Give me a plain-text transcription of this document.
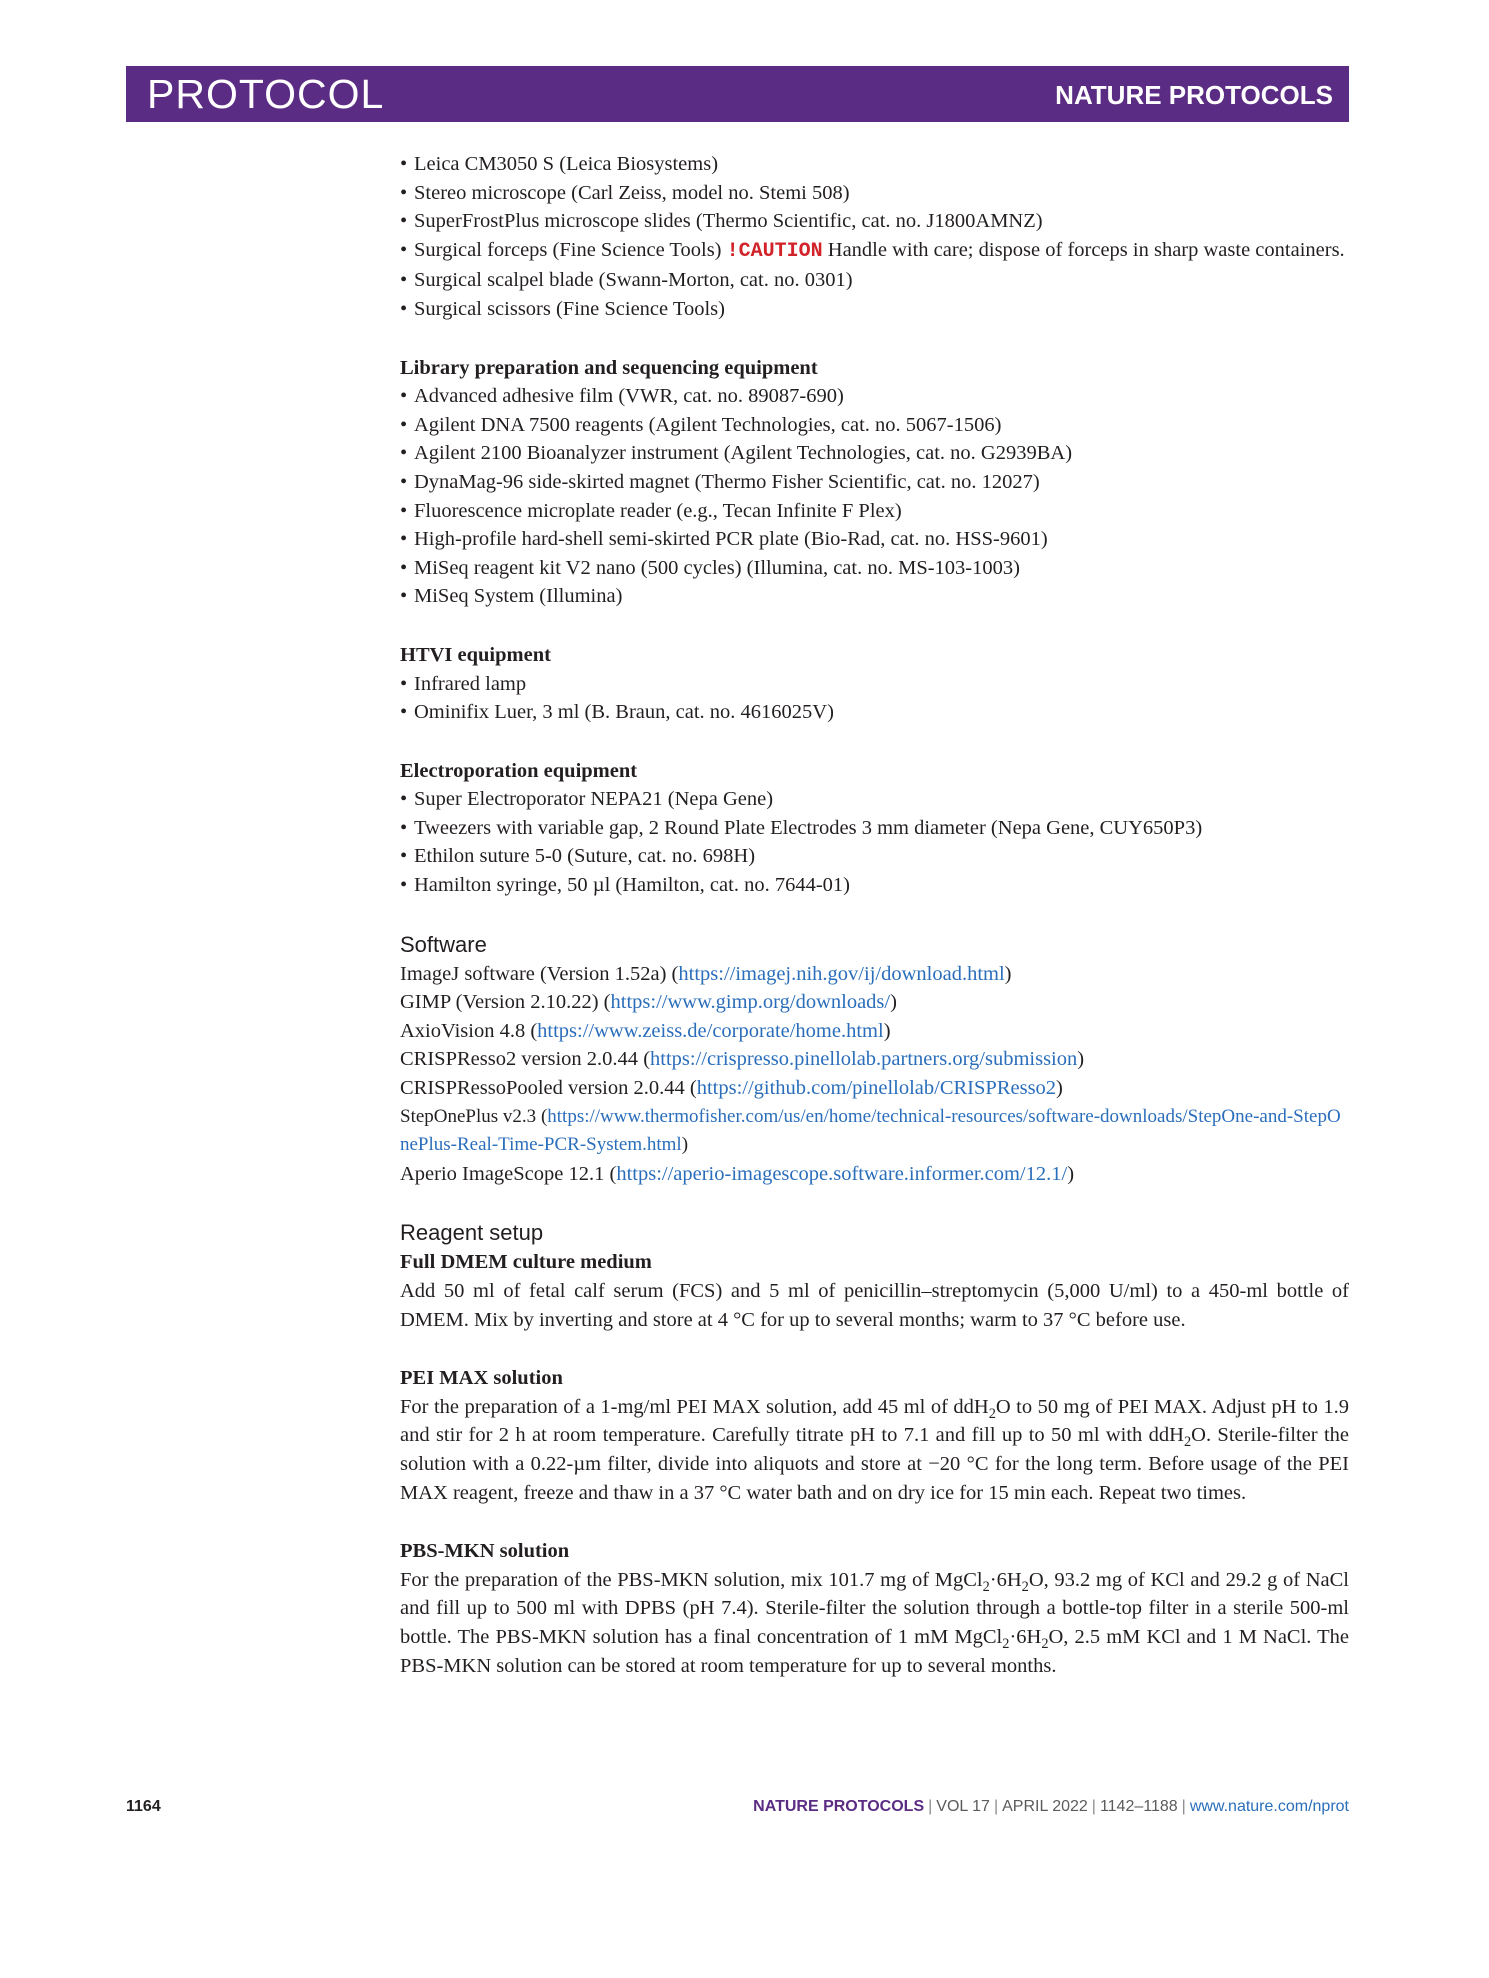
PROTOCOL	NATURE PROTOCOLS
• Leica CM3050 S (Leica Biosystems)
• Stereo microscope (Carl Zeiss, model no. Stemi 508)
• SuperFrostPlus microscope slides (Thermo Scientific, cat. no. J1800AMNZ)
• Surgical forceps (Fine Science Tools) !CAUTION Handle with care; dispose of forceps in sharp waste containers.
• Surgical scalpel blade (Swann-Morton, cat. no. 0301)
• Surgical scissors (Fine Science Tools)
Library preparation and sequencing equipment
• Advanced adhesive film (VWR, cat. no. 89087-690)
• Agilent DNA 7500 reagents (Agilent Technologies, cat. no. 5067-1506)
• Agilent 2100 Bioanalyzer instrument (Agilent Technologies, cat. no. G2939BA)
• DynaMag-96 side-skirted magnet (Thermo Fisher Scientific, cat. no. 12027)
• Fluorescence microplate reader (e.g., Tecan Infinite F Plex)
• High-profile hard-shell semi-skirted PCR plate (Bio-Rad, cat. no. HSS-9601)
• MiSeq reagent kit V2 nano (500 cycles) (Illumina, cat. no. MS-103-1003)
• MiSeq System (Illumina)
HTVI equipment
• Infrared lamp
• Ominifix Luer, 3 ml (B. Braun, cat. no. 4616025V)
Electroporation equipment
• Super Electroporator NEPA21 (Nepa Gene)
• Tweezers with variable gap, 2 Round Plate Electrodes 3 mm diameter (Nepa Gene, CUY650P3)
• Ethilon suture 5-0 (Suture, cat. no. 698H)
• Hamilton syringe, 50 µl (Hamilton, cat. no. 7644-01)
Software
ImageJ software (Version 1.52a) (https://imagej.nih.gov/ij/download.html)
GIMP (Version 2.10.22) (https://www.gimp.org/downloads/)
AxioVision 4.8 (https://www.zeiss.de/corporate/home.html)
CRISPResso2 version 2.0.44 (https://crispresso.pinellolab.partners.org/submission)
CRISPRessoPooled version 2.0.44 (https://github.com/pinellolab/CRISPResso2)
StepOnePlus v2.3 (https://www.thermofisher.com/us/en/home/technical-resources/software-downloads/StepOne-and-StepOnePlus-Real-Time-PCR-System.html)
Aperio ImageScope 12.1 (https://aperio-imagescope.software.informer.com/12.1/)
Reagent setup
Full DMEM culture medium
Add 50 ml of fetal calf serum (FCS) and 5 ml of penicillin–streptomycin (5,000 U/ml) to a 450-ml bottle of DMEM. Mix by inverting and store at 4 °C for up to several months; warm to 37 °C before use.
PEI MAX solution
For the preparation of a 1-mg/ml PEI MAX solution, add 45 ml of ddH$_2$O to 50 mg of PEI MAX. Adjust pH to 1.9 and stir for 2 h at room temperature. Carefully titrate pH to 7.1 and fill up to 50 ml with ddH$_2$O. Sterile-filter the solution with a 0.22-µm filter, divide into aliquots and store at −20 °C for the long term. Before usage of the PEI MAX reagent, freeze and thaw in a 37 °C water bath and on dry ice for 15 min each. Repeat two times.
PBS-MKN solution
For the preparation of the PBS-MKN solution, mix 101.7 mg of $MgCl_2\cdot 6H_2O$, 93.2 mg of KCl and 29.2 g of NaCl and fill up to 500 ml with DPBS (pH 7.4). Sterile-filter the solution through a bottle-top filter in a sterile 500-ml bottle. The PBS-MKN solution has a final concentration of 1 mM $MgCl_2\cdot 6H_2O$, 2.5 mM KCl and 1 M NaCl. The PBS-MKN solution can be stored at room temperature for up to several months.
1164	NATURE PROTOCOLS | VOL 17 | APRIL 2022 | 1142–1188 | www.nature.com/nprot
